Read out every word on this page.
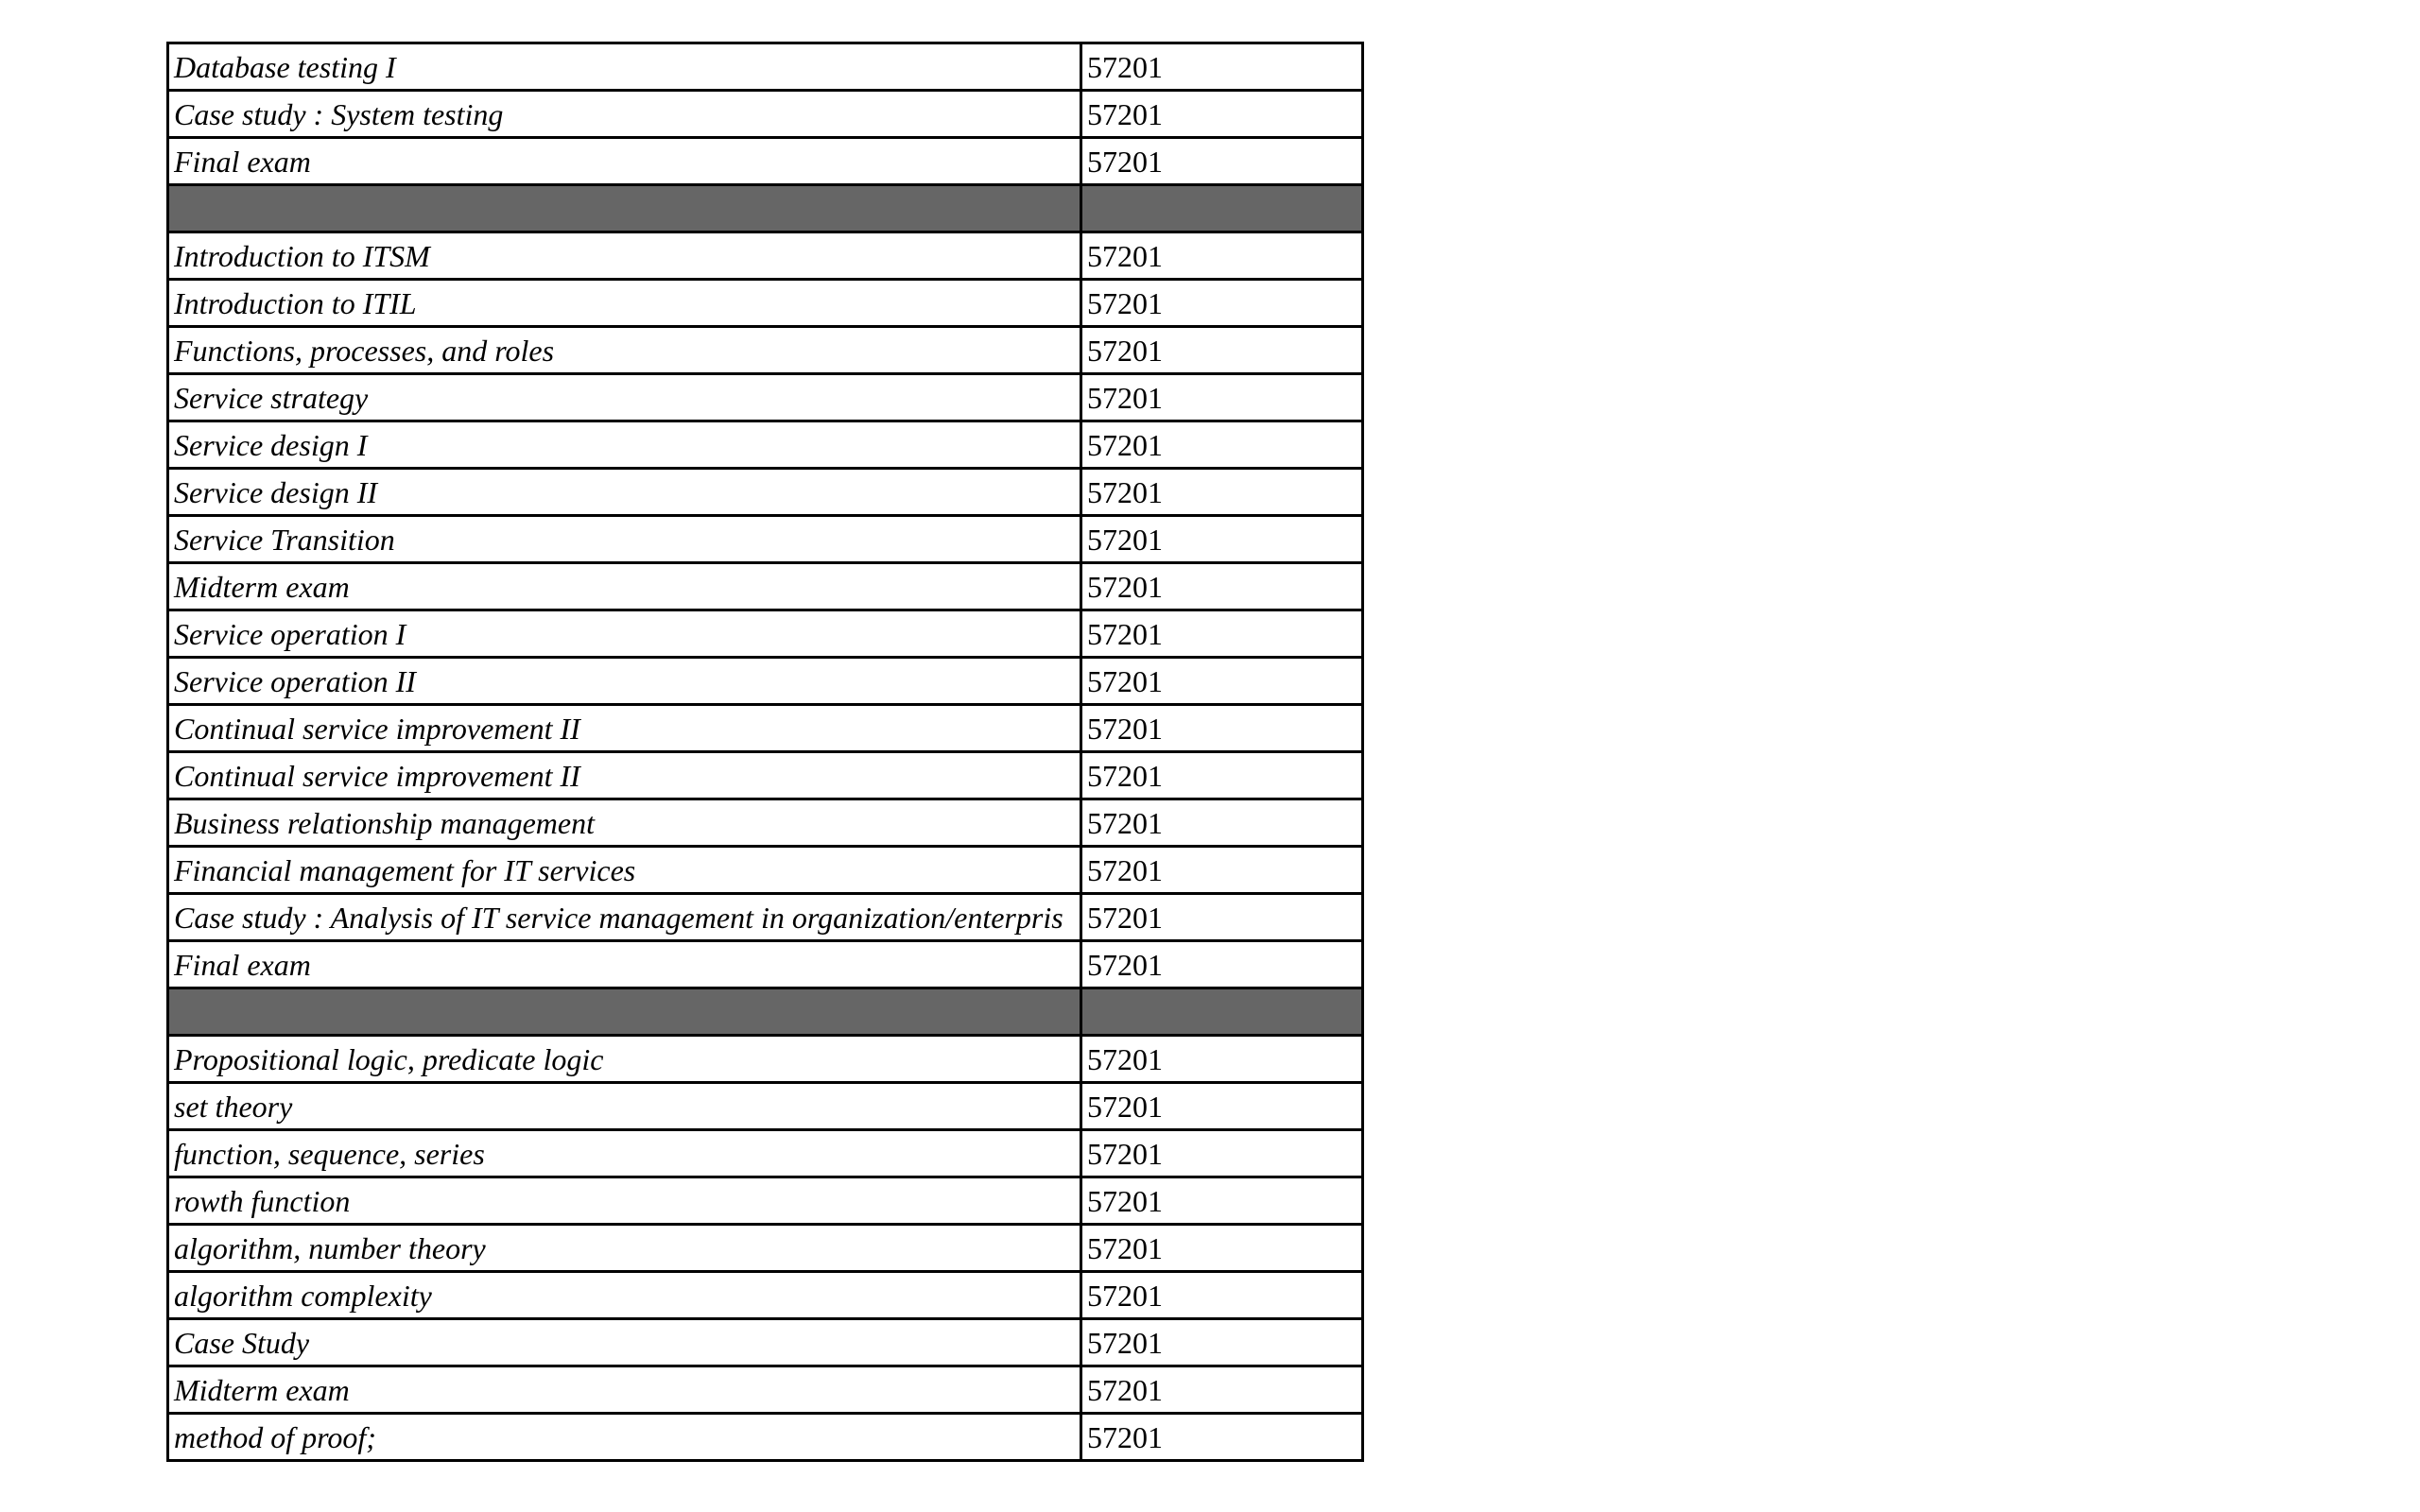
Database testing I	57201
Case study : System testing	57201
Final exam	57201

Introduction to ITSM	57201
Introduction to ITIL	57201
Functions, processes, and roles	57201
Service strategy	57201
Service design I	57201
Service design II	57201
Service Transition	57201
Midterm exam	57201
Service operation I	57201
Service operation II	57201
Continual service improvement II	57201
Continual service improvement II	57201
Business relationship management	57201
Financial management for IT services	57201
Case study : Analysis of IT service management in organization/enterpris	57201
Final exam	57201

Propositional logic, predicate logic	57201
set theory	57201
function, sequence, series	57201
rowth function	57201
algorithm, number theory	57201
algorithm complexity	57201
Case Study	57201
Midterm exam	57201
method of proof;	57201
